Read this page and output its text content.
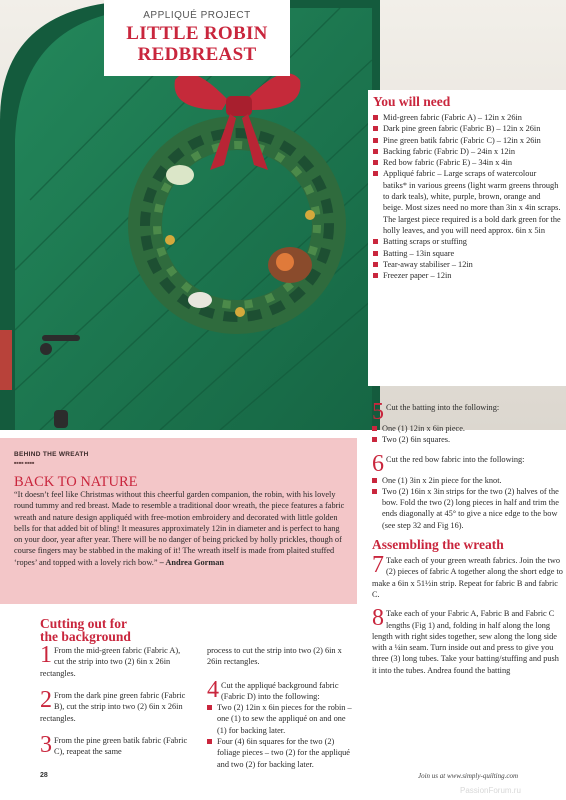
APPLIQUÉ PROJECT
LITTLE ROBIN
REDBREAST
You will need
Mid-green fabric (Fabric A) – 12in x 26in
Dark pine green fabric (Fabric B) – 12in x 26in
Pine green batik fabric (Fabric C) – 12in x 26in
Backing fabric (Fabric D) – 24in x 12in
Red bow fabric (Fabric E) – 34in x 4in
Appliqué fabric – Large scraps of watercolour batiks* in various greens (light warm greens through to dark teals), white, purple, brown, orange and beige. Most sizes need no more than 3in x 4in scraps. The largest piece required is a bold dark green for the holly leaves, and you will need approx. 6in x 5in
Batting scraps or stuffing
Batting – 13in square
Tear-away stabiliser – 12in
Freezer paper – 12in
BEHIND THE WREATH
■■■■ ■■■■
BACK TO NATURE
“It doesn’t feel like Christmas without this cheerful garden companion, the robin, with his lovely round tummy and red breast. Made to resemble a traditional door wreath, the piece features a fabric wreath and nature design appliquéd with free-motion embroidery and decorated with little golden bells for that added bit of bling! It measures approximately 12in in diameter and is perfect to hang on your door, year after year. There will be no danger of being pricked by holly prickles, though of course fingers may be stabbed in the making of it! The wreath itself is made from plaited stuffed ‘ropes’ and topped with a lovely rich bow.” – Andrea Gorman
Cutting out for
the background
1 From the mid-green fabric (Fabric A), cut the strip into two (2) 6in x 26in rectangles.
2 From the dark pine green fabric (Fabric B), cut the strip into two (2) 6in x 26in rectangles.
3 From the pine green batik fabric (Fabric C), reapeat the same
process to cut the strip into two (2) 6in x 26in rectangles.
4 Cut the appliqué background fabric (Fabric D) into the following:
Two (2) 12in x 6in pieces for the robin – one (1) to sew the appliqué on and one (1) for backing later.
Four (4) 6in squares for the two (2) foliage pieces – two (2) for the appliqué and two (2) for backing later.
5 Cut the batting into the following:
One (1) 12in x 6in piece.
Two (2) 6in squares.
6 Cut the red bow fabric into the following:
One (1) 3in x 2in piece for the knot.
Two (2) 16in x 3in strips for the two (2) halves of the bow. Fold the two (2) long pieces in half and trim the ends diagonally at 45° to give a nice edge to the bow (see step 32 and Fig 16).
Assembling the wreath
7 Take each of your green wreath fabrics. Join the two (2) pieces of fabric A together along the short edge to make a 6in x 51½in strip. Repeat for fabric B and fabric C.
8 Take each of your Fabric A, Fabric B and Fabric C lengths (Fig 1) and, folding in half along the long length with right sides together, sew along the long side with a ¼in seam. Turn inside out and press to give you three (3) long tubes. Take your batting/stuffing and push it into the tubes. Andrea found the batting
28	Join us at www.simply-quilting.com
PassionForum.ru
